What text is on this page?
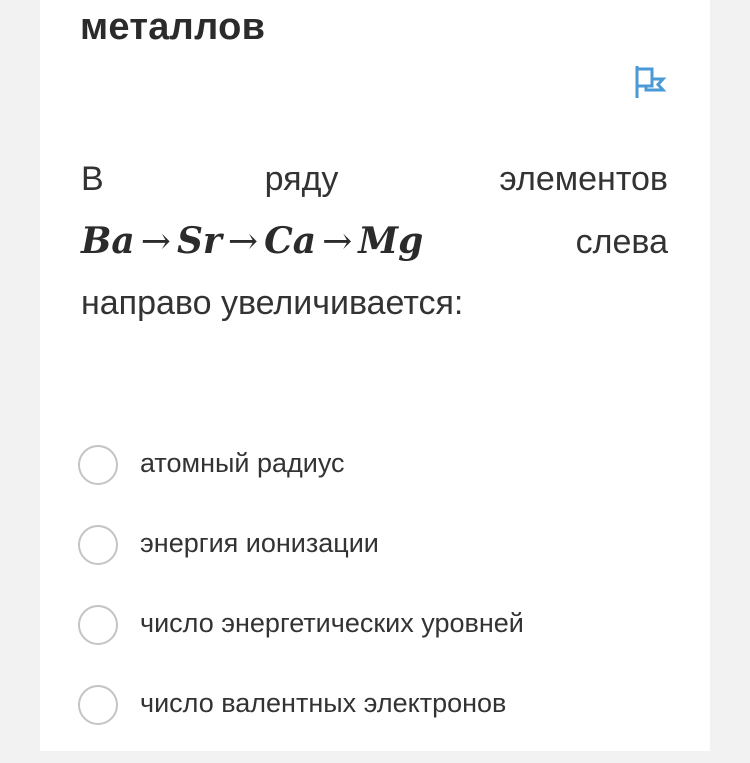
металлов
В	ряду	элементов
Ba → Sr → Ca → Mg	слева
направо увеличивается:
атомный радиус
энергия ионизации
число энергетических уровней
число валентных электронов
